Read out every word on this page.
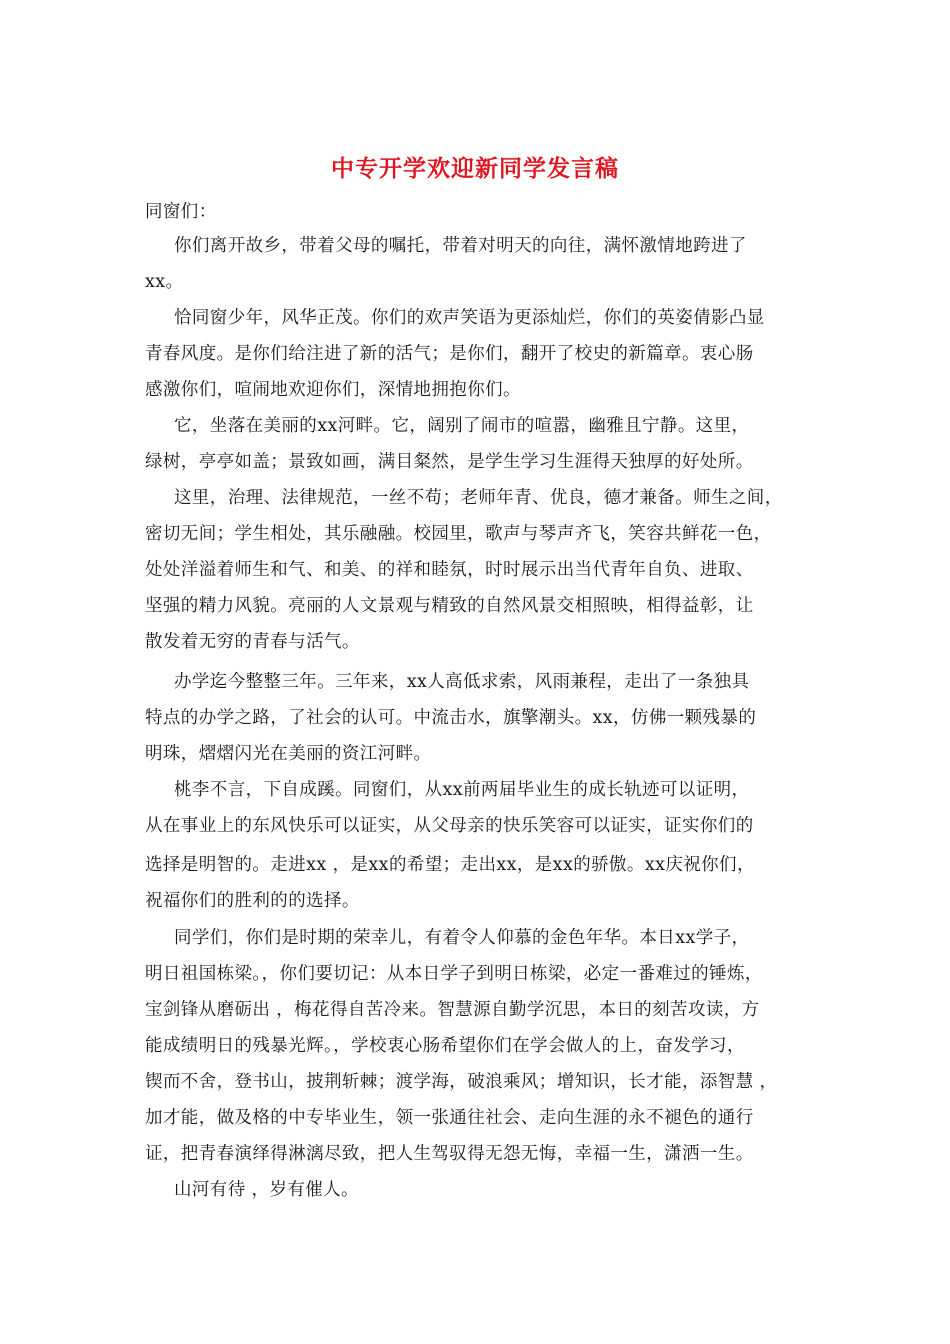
中专开学欢迎新同学发言稿
同窗们：
你们离开故乡，带着父母的嘱托，带着对明天的向往，满怀激情地跨进了
xx。
恰同窗少年，风华正茂。你们的欢声笑语为更添灿烂，你们的英姿倩影凸显
青春风度。是你们给注进了新的活气；是你们，翻开了校史的新篇章。衷心肠
感激你们，喧闹地欢迎你们，深情地拥抱你们。
它，坐落在美丽的xx河畔。它，阔别了闹市的喧嚣，幽雅且宁静。这里，
绿树，亭亭如盖；景致如画，满目粲然，是学生学习生涯得天独厚的好处所。
这里，治理、法律规范，一丝不苟；老师年青、优良，德才兼备。师生之间，
密切无间；学生相处，其乐融融。校园里，歌声与琴声齐飞，笑容共鲜花一色，
处处洋溢着师生和气、和美、的祥和睦氛，时时展示出当代青年自负、进取、
坚强的精力风貌。亮丽的人文景观与精致的自然风景交相照映，相得益彰，让
散发着无穷的青春与活气。
办学迄今整整三年。三年来，xx人高低求索，风雨兼程，走出了一条独具
特点的办学之路，了社会的认可。中流击水，旗擎潮头。xx，仿佛一颗残暴的
明珠，熠熠闪光在美丽的资江河畔。
桃李不言，下自成蹊。同窗们，从xx前两届毕业生的成长轨迹可以证明，
从在事业上的东风快乐可以证实，从父母亲的快乐笑容可以证实，证实你们的
选择是明智的。走进xx ，是xx的希望；走出xx，是xx的骄傲。xx庆祝你们，
祝福你们的胜利的的选择。
同学们，你们是时期的荣幸儿，有着令人仰慕的金色年华。本日xx学子，
明日祖国栋梁。，你们要切记：从本日学子到明日栋梁，必定一番难过的锤炼，
宝剑锋从磨砺出 ，梅花得自苦冷来。智慧源自勤学沉思，本日的刻苦攻读，方
能成绩明日的残暴光辉。，学校衷心肠希望你们在学会做人的上，奋发学习，
锲而不舍，登书山，披荆斩棘；渡学海，破浪乘风；增知识，长才能，添智慧 ，
加才能，做及格的中专毕业生，领一张通往社会、走向生涯的永不褪色的通行
证，把青春演绎得淋漓尽致，把人生驾驭得无怨无悔，幸福一生，潇洒一生。
山河有待 ，岁有催人。
